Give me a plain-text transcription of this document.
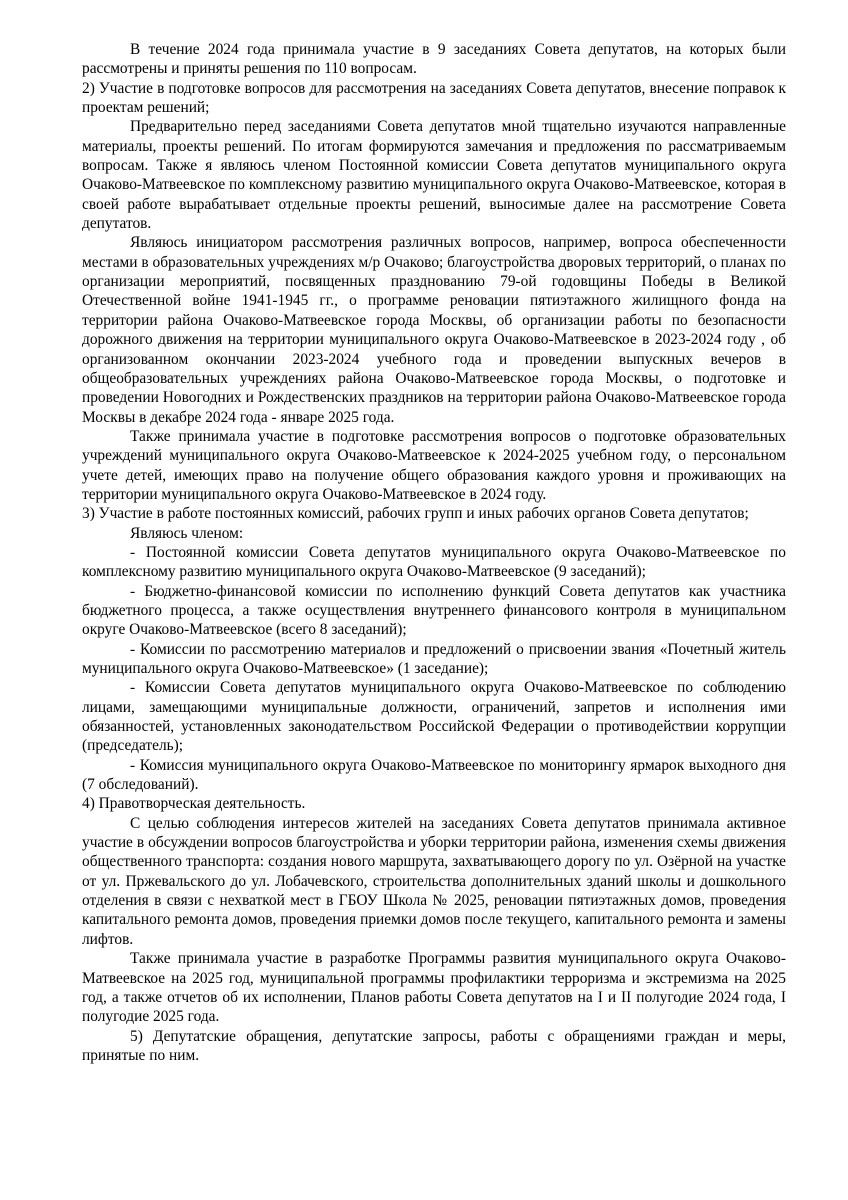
В течение 2024 года принимала участие в 9 заседаниях Совета депутатов, на которых были рассмотрены и приняты решения по 110 вопросам.

2) Участие в подготовке вопросов для рассмотрения на заседаниях Совета депутатов, внесение поправок к проектам решений;

Предварительно перед заседаниями Совета депутатов мной тщательно изучаются направленные материалы, проекты решений. По итогам формируются замечания и предложения по рассматриваемым вопросам. Также я являюсь членом Постоянной комиссии Совета депутатов муниципального округа Очаково-Матвеевское по комплексному развитию муниципального округа Очаково-Матвеевское, которая в своей работе вырабатывает отдельные проекты решений, выносимые далее на рассмотрение Совета депутатов.

Являюсь инициатором рассмотрения различных вопросов, например, вопроса обеспеченности местами в образовательных учреждениях м/р Очаково; благоустройства дворовых территорий, о планах по организации мероприятий, посвященных празднованию 79-ой годовщины Победы в Великой Отечественной войне 1941-1945 гг., о программе реновации пятиэтажного жилищного фонда на территории района Очаково-Матвеевское города Москвы, об организации работы по безопасности дорожного движения на территории муниципального округа Очаково-Матвеевское в 2023-2024 году , об организованном окончании 2023-2024 учебного года и проведении выпускных вечеров в общеобразовательных учреждениях района Очаково-Матвеевское города Москвы, о подготовке и проведении Новогодних и Рождественских праздников на территории района Очаково-Матвеевское города Москвы в декабре 2024 года - январе 2025 года.

Также принимала участие в подготовке рассмотрения вопросов о подготовке образовательных учреждений муниципального округа Очаково-Матвеевское к 2024-2025 учебном году, о персональном учете детей, имеющих право на получение общего образования каждого уровня и проживающих на территории муниципального округа Очаково-Матвеевское в 2024 году.

3) Участие в работе постоянных комиссий, рабочих групп и иных рабочих органов Совета депутатов;

Являюсь членом:

- Постоянной комиссии Совета депутатов муниципального округа Очаково-Матвеевское по комплексному развитию муниципального округа Очаково-Матвеевское (9 заседаний);

- Бюджетно-финансовой комиссии по исполнению функций Совета депутатов как участника бюджетного процесса, а также осуществления внутреннего финансового контроля в муниципальном округе Очаково-Матвеевское (всего 8 заседаний);

- Комиссии по рассмотрению материалов и предложений о присвоении звания «Почетный житель муниципального округа Очаково-Матвеевское» (1 заседание);

- Комиссии Совета депутатов муниципального округа Очаково-Матвеевское по соблюдению лицами, замещающими муниципальные должности, ограничений, запретов и исполнения ими обязанностей, установленных законодательством Российской Федерации о противодействии коррупции (председатель);

- Комиссия муниципального округа Очаково-Матвеевское по мониторингу ярмарок выходного дня (7 обследований).

4) Правотворческая деятельность.

С целью соблюдения интересов жителей на заседаниях Совета депутатов принимала активное участие в обсуждении вопросов благоустройства и уборки территории района, изменения схемы движения общественного транспорта: создания нового маршрута, захватывающего дорогу по ул. Озёрной на участке от ул. Пржевальского до ул. Лобачевского, строительства дополнительных зданий школы и дошкольного отделения в связи с нехваткой мест в ГБОУ Школа № 2025, реновации пятиэтажных домов, проведения капитального ремонта домов, проведения приемки домов после текущего, капитального ремонта и замены лифтов.

Также принимала участие в разработке Программы развития муниципального округа Очаково-Матвеевское на 2025 год, муниципальной программы профилактики терроризма и экстремизма на 2025 год, а также отчетов об их исполнении, Планов работы Совета депутатов на I и II полугодие 2024 года, I полугодие 2025 года.

5) Депутатские обращения, депутатские запросы, работы с обращениями граждан и меры, принятые по ним.
